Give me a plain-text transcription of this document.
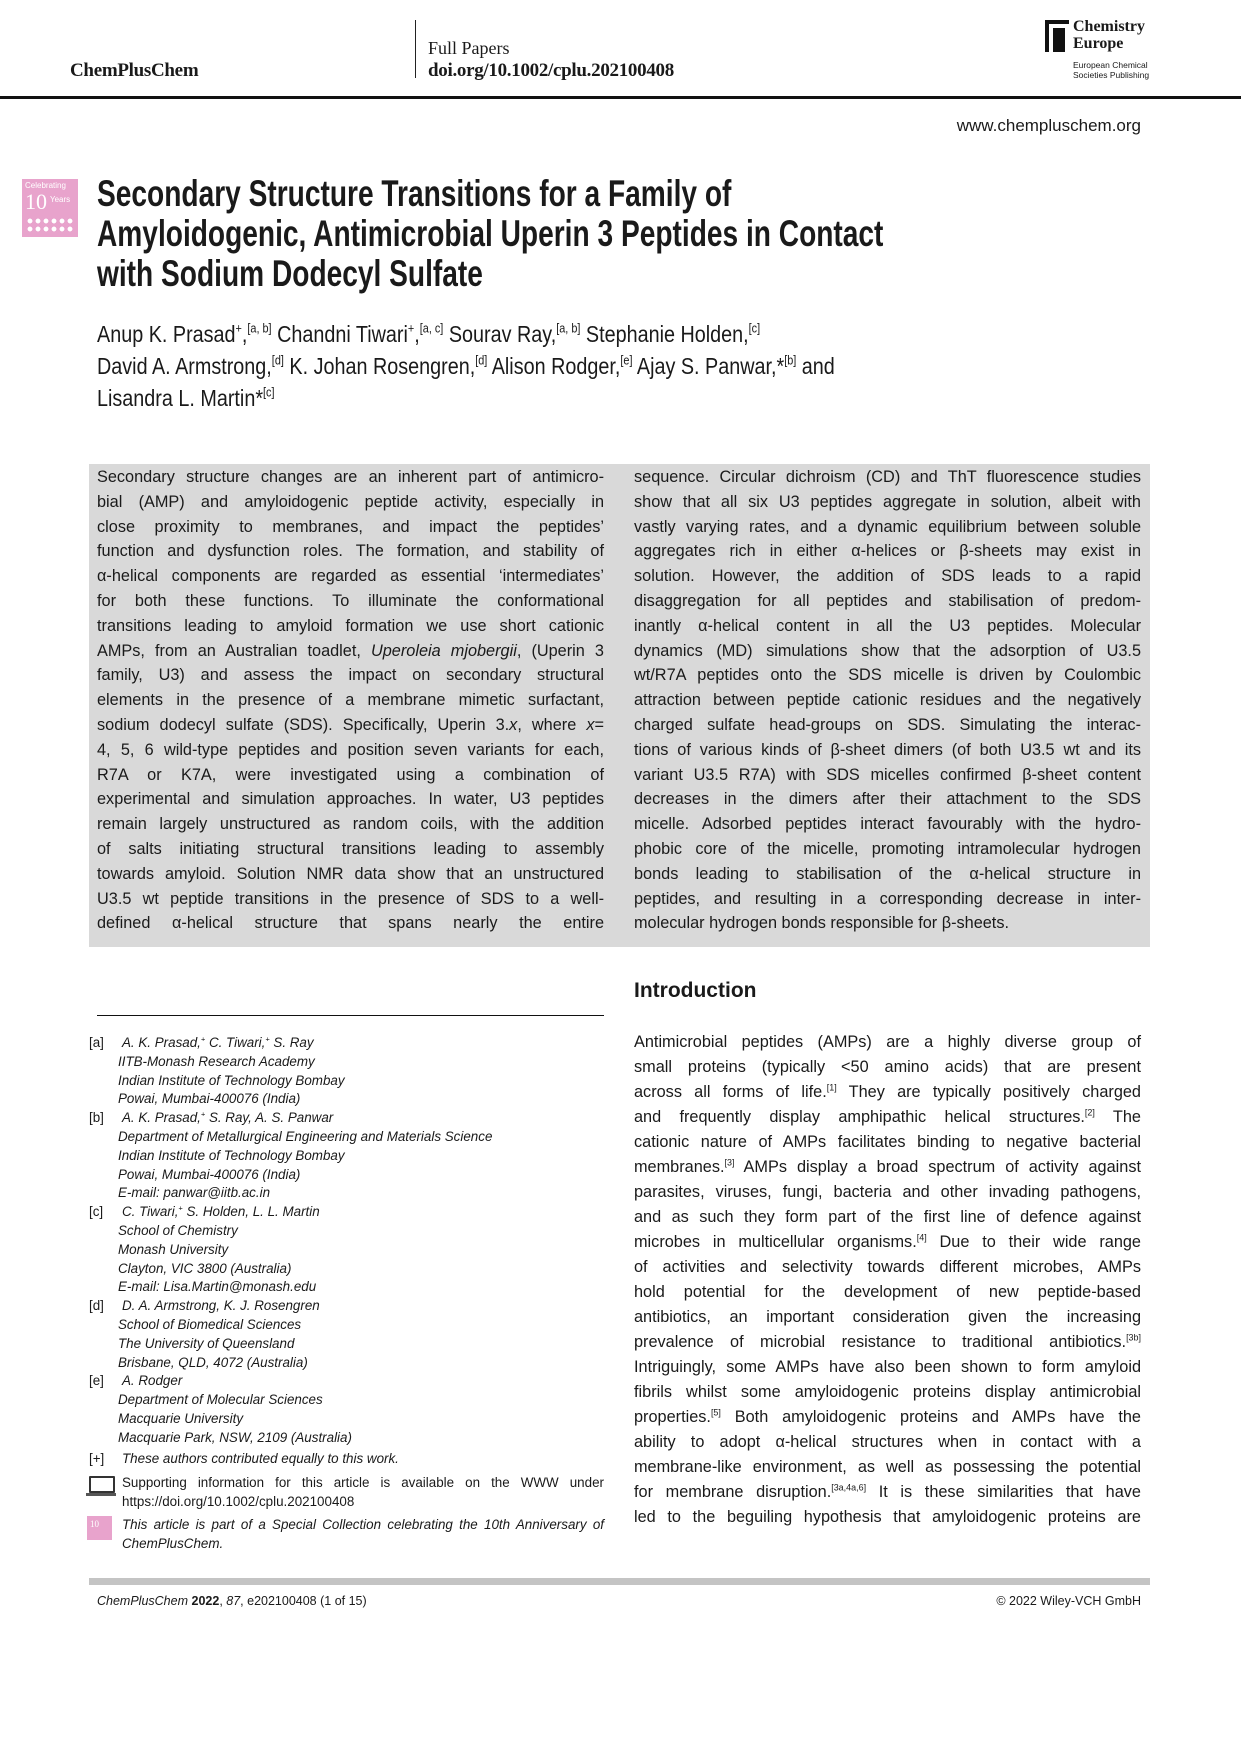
ChemPlusChem
Full Papers
doi.org/10.1002/cplu.202100408
Chemistry
Europe
European Chemical
Societies Publishing
www.chempluschem.org
Celebrating
10 Years Secondary Structure Transitions for a Family of
Amyloidogenic, Antimicrobial Uperin 3 Peptides in Contact
with Sodium Dodecyl Sulfate
Anup K. Prasad+,[a, b] Chandni Tiwari+,[a, c] Sourav Ray,[a, b] Stephanie Holden,[c]
David A. Armstrong,[d] K. Johan Rosengren,[d] Alison Rodger,[e] Ajay S. Panwar,*[b] and
Lisandra L. Martin*[c]
Secondary structure changes are an inherent part of antimicro-
bial (AMP) and amyloidogenic peptide activity, especially in
close proximity to membranes, and impact the peptides’
function and dysfunction roles. The formation, and stability of
α-helical components are regarded as essential ‘intermediates’
for both these functions. To illuminate the conformational
transitions leading to amyloid formation we use short cationic
AMPs, from an Australian toadlet, Uperoleia mjobergii, (Uperin 3
family, U3) and assess the impact on secondary structural
elements in the presence of a membrane mimetic surfactant,
sodium dodecyl sulfate (SDS). Specifically, Uperin 3.x, where x=
4, 5, 6 wild-type peptides and position seven variants for each,
R7A or K7A, were investigated using a combination of
experimental and simulation approaches. In water, U3 peptides
remain largely unstructured as random coils, with the addition
of salts initiating structural transitions leading to assembly
towards amyloid. Solution NMR data show that an unstructured
U3.5 wt peptide transitions in the presence of SDS to a well-
defined α-helical structure that spans nearly the entire
sequence. Circular dichroism (CD) and ThT fluorescence studies
show that all six U3 peptides aggregate in solution, albeit with
vastly varying rates, and a dynamic equilibrium between soluble
aggregates rich in either α-helices or β-sheets may exist in
solution. However, the addition of SDS leads to a rapid
disaggregation for all peptides and stabilisation of predom-
inantly α-helical content in all the U3 peptides. Molecular
dynamics (MD) simulations show that the adsorption of U3.5
wt/R7A peptides onto the SDS micelle is driven by Coulombic
attraction between peptide cationic residues and the negatively
charged sulfate head-groups on SDS. Simulating the interac-
tions of various kinds of β-sheet dimers (of both U3.5 wt and its
variant U3.5 R7A) with SDS micelles confirmed β-sheet content
decreases in the dimers after their attachment to the SDS
micelle. Adsorbed peptides interact favourably with the hydro-
phobic core of the micelle, promoting intramolecular hydrogen
bonds leading to stabilisation of the α-helical structure in
peptides, and resulting in a corresponding decrease in inter-
molecular hydrogen bonds responsible for β-sheets.
Introduction
Antimicrobial peptides (AMPs) are a highly diverse group of
small proteins (typically <50 amino acids) that are present
across all forms of life.[1] They are typically positively charged
and frequently display amphipathic helical structures.[2] The
cationic nature of AMPs facilitates binding to negative bacterial
membranes.[3] AMPs display a broad spectrum of activity against
parasites, viruses, fungi, bacteria and other invading pathogens,
and as such they form part of the first line of defence against
microbes in multicellular organisms.[4] Due to their wide range
of activities and selectivity towards different microbes, AMPs
hold potential for the development of new peptide-based
antibiotics, an important consideration given the increasing
prevalence of microbial resistance to traditional antibiotics.[3b]
Intriguingly, some AMPs have also been shown to form amyloid
fibrils whilst some amyloidogenic proteins display antimicrobial
properties.[5] Both amyloidogenic proteins and AMPs have the
ability to adopt α-helical structures when in contact with a
membrane-like environment, as well as possessing the potential
for membrane disruption.[3a,4a,6] It is these similarities that have
led to the beguiling hypothesis that amyloidogenic proteins are
[a] A. K. Prasad,+ C. Tiwari,+ S. Ray
IITB-Monash Research Academy
Indian Institute of Technology Bombay
Powai, Mumbai-400076 (India)
[b] A. K. Prasad,+ S. Ray, A. S. Panwar
Department of Metallurgical Engineering and Materials Science
Indian Institute of Technology Bombay
Powai, Mumbai-400076 (India)
E-mail: panwar@iitb.ac.in
[c] C. Tiwari,+ S. Holden, L. L. Martin
School of Chemistry
Monash University
Clayton, VIC 3800 (Australia)
E-mail: Lisa.Martin@monash.edu
[d] D. A. Armstrong, K. J. Rosengren
School of Biomedical Sciences
The University of Queensland
Brisbane, QLD, 4072 (Australia)
[e] A. Rodger
Department of Molecular Sciences
Macquarie University
Macquarie Park, NSW, 2109 (Australia)
[+] These authors contributed equally to this work.
Supporting information for this article is available on the WWW under
https://doi.org/10.1002/cplu.202100408
This article is part of a Special Collection celebrating the 10th Anniversary of
ChemPlusChem.
10
ChemPlusChem 2022, 87, e202100408 (1 of 15)	© 2022 Wiley-VCH GmbH
